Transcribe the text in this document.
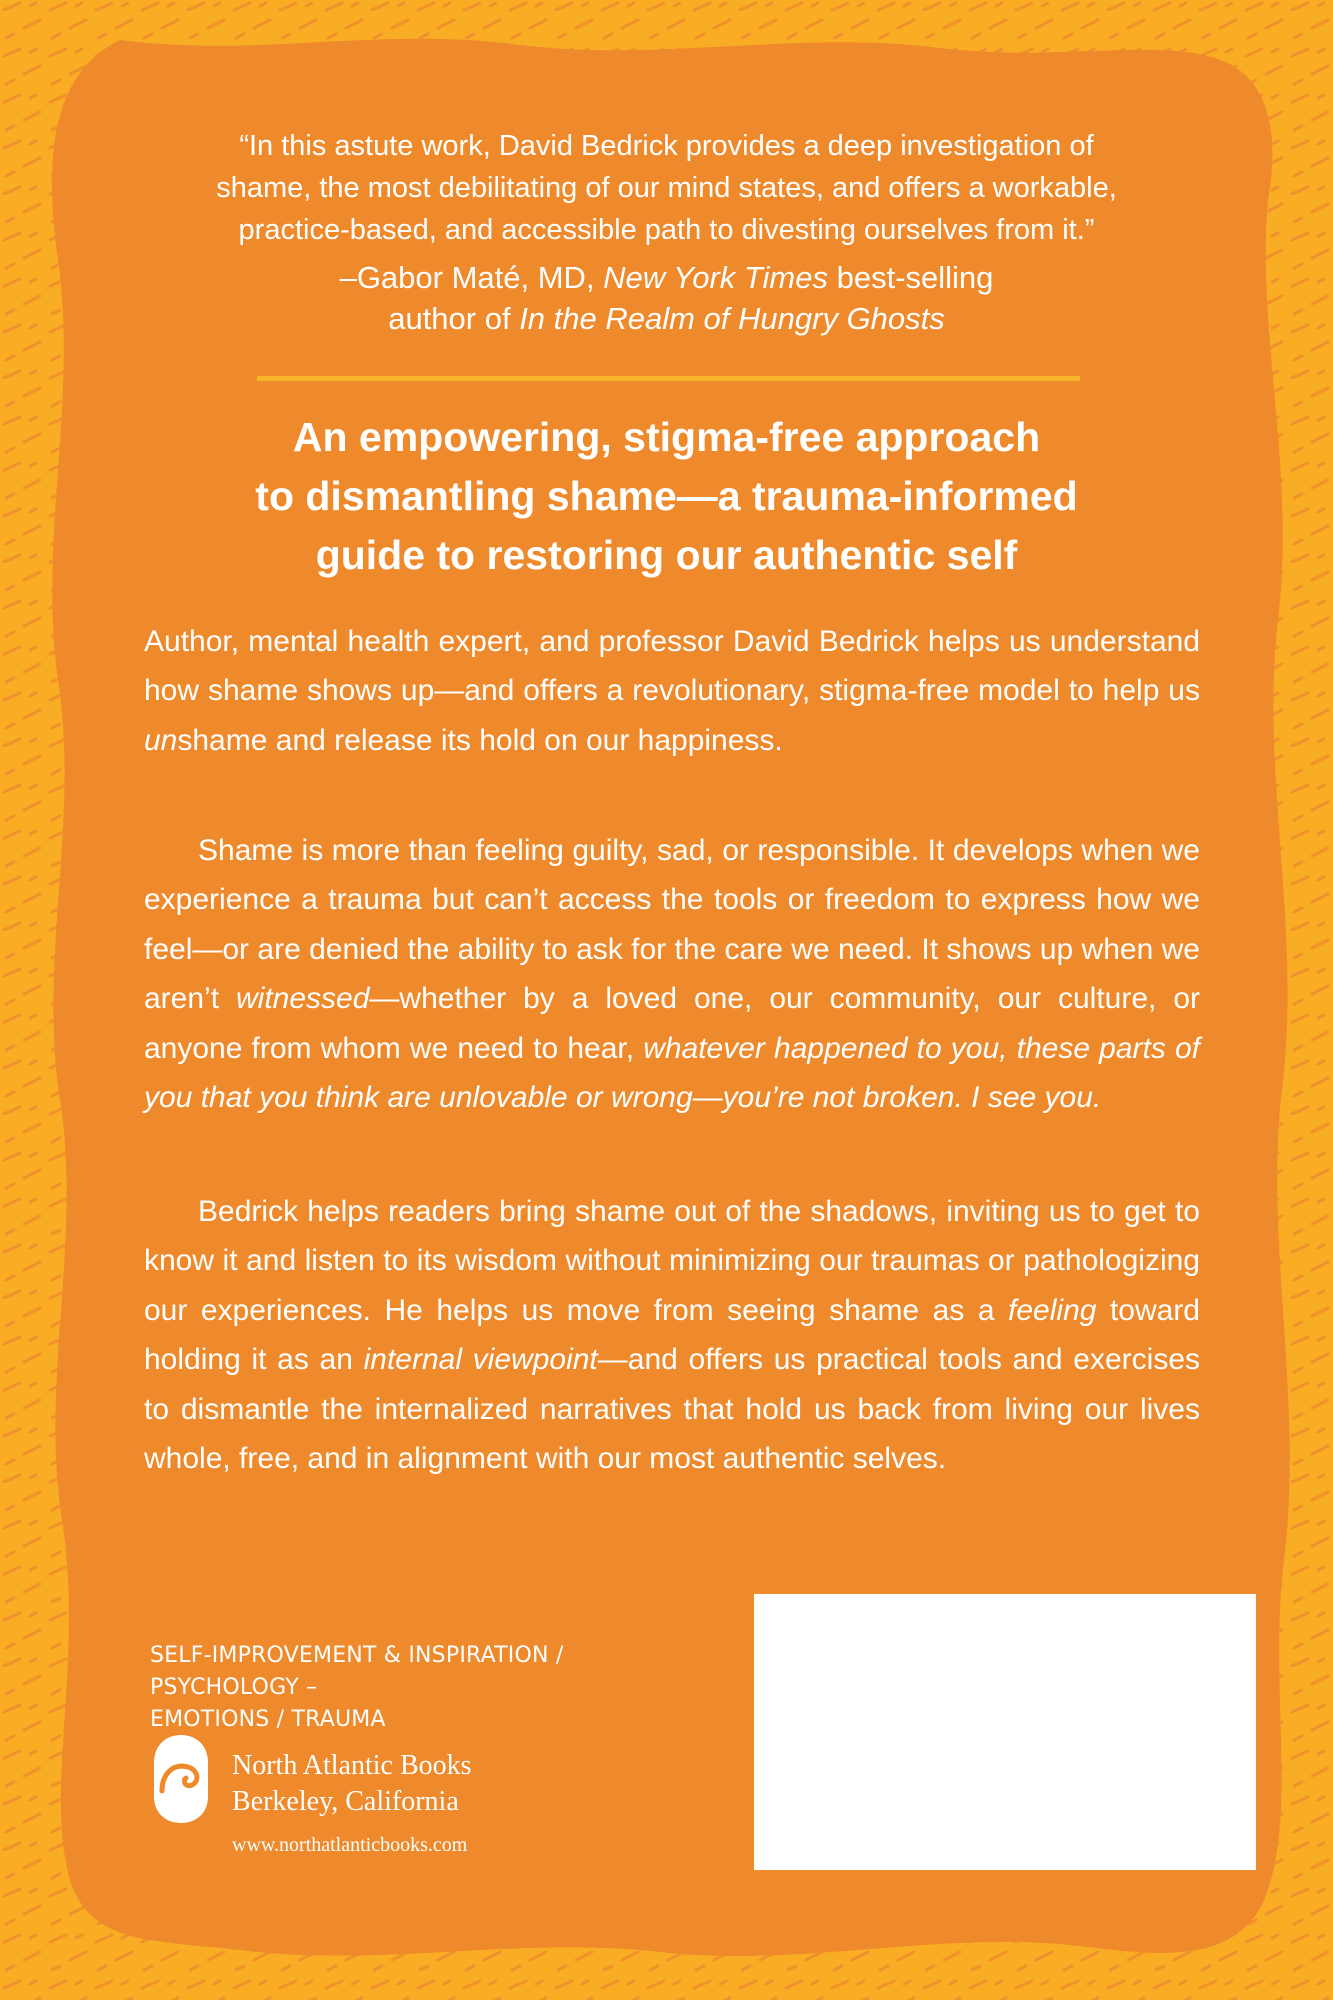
“In this astute work, David Bedrick provides a deep investigation of
shame, the most debilitating of our mind states, and offers a workable,
practice-based, and accessible path to divesting ourselves from it.”
–Gabor Maté, MD, New York Times best-selling
author of In the Realm of Hungry Ghosts
An empowering, stigma-free approach
to dismantling shame—a trauma-informed
guide to restoring our authentic self

Author, mental health expert, and professor David Bedrick helps us understand how shame shows up—and offers a revolutionary, stigma-free model to help us unshame and release its hold on our happiness.

Shame is more than feeling guilty, sad, or responsible. It develops when we experience a trauma but can’t access the tools or freedom to express how we feel—or are denied the ability to ask for the care we need. It shows up when we aren’t witnessed—whether by a loved one, our community, our culture, or anyone from whom we need to hear, whatever happened to you, these parts of you that you think are unlovable or wrong—you’re not broken. I see you.

Bedrick helps readers bring shame out of the shadows, inviting us to get to know it and listen to its wisdom without minimizing our traumas or pathologizing our experiences. He helps us move from seeing shame as a feeling toward holding it as an internal viewpoint—and offers us practical tools and exercises to dismantle the internalized narratives that hold us back from living our lives whole, free, and in alignment with our most authentic selves.

SELF-IMPROVEMENT & INSPIRATION / PSYCHOLOGY –
EMOTIONS / TRAUMA
North Atlantic Books
Berkeley, California
www.northatlanticbooks.com
